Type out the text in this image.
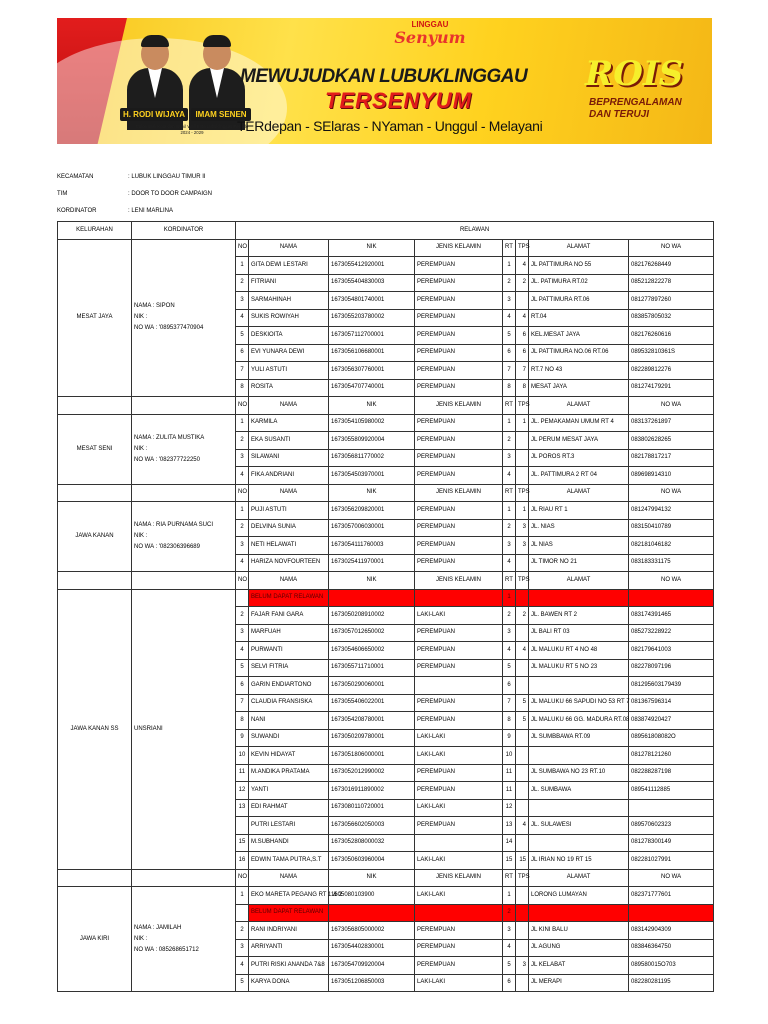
H. RODI WIJAYA	IMAM SENEN
Calon Wali Kota dan Wakil Wali Kota Lubuklinggau Periode 2024 - 2029
LINGGAU
Senyum
MEWUJUDKAN LUBUKLINGGAU
TERSENYUM
TERdepan - SElaras - NYaman - Unggul - Melayani
ROIS
BEPRENGALAMAN
DAN TERUJI
KECAMATAN	: LUBUK LINGGAU TIMUR II
TIM	: DOOR TO DOOR CAMPAIGN
KORDINATOR	: LENI MARLINA
KELURAHAN	KORDINATOR	RELAWAN							
MESAT JAYA	NAMA : SIPON
NIK :
NO WA : '0895377470904	NO	NAMA	NIK	JENIS KELAMIN	RT	TPS	ALAMAT	NO WA
		1	GITA DEWI LESTARI	1673055412920001	PEREMPUAN	1	4	JL PATTIMURA NO 55	082176268449
		2	FITRIANI	1673055404830003	PEREMPUAN	2	2	JL. PATIMURA RT.02	085212822278
		3	SARMAHINAH	1673054801740001	PEREMPUAN	3		JL PATTIMURA RT.06	081277897260
		4	SUKIS ROWIYAH	1673055203780002	PEREMPUAN	4	4	RT.04	083857805032
		5	DESKIOITA	1673057112700001	PEREMPUAN	5	6	KEL.MESAT JAYA	082176260616
		6	EVI YUNARA DEWI	1673056106680001	PEREMPUAN	6	6	JL PATTIMURA NO.06 RT.06	089532810361S
		7	YULI ASTUTI	1673056307760001	PEREMPUAN	7	7	RT.7 NO 43	082289812276
		8	ROSITA	1673054707740001	PEREMPUAN	8	8	MESAT JAYA	081274179291
		NO	NAMA	NIK	JENIS KELAMIN	RT	TPS	ALAMAT	NO WA
MESAT SENI	NAMA : ZULITA MUSTIKA
NIK :
NO WA : '082377722250	1	KARMILA	1673054105980002	PEREMPUAN	1	1	JL. PEMAKAMAN UMUM RT 4	083137261897
		2	EKA SUSANTI	1673055809920004	PEREMPUAN	2		JL PERUM MESAT JAYA	083802628265
		3	SILAWANI	1673056811770002	PEREMPUAN	3		JL POROS RT.3	082178817217
		4	FIKA ANDRIANI	1673054503970001	PEREMPUAN	4		JL. PATTIMURA 2 RT 04	089698914310
		NO	NAMA	NIK	JENIS KELAMIN	RT	TPS	ALAMAT	NO WA
JAWA KANAN	NAMA : RIA PURNAMA SUCI
NIK :
NO WA : '082306396689	1	PUJI ASTUTI	1673056209820001	PEREMPUAN	1	1	JL RIAU RT 1	081247994132
		2	DELVINA SUNIA	1673057006030001	PEREMPUAN	2	3	JL. NIAS	083150410789
		3	NETI HELAWATI	1673054111760003	PEREMPUAN	3	3	JL NIAS	082181046182
		4	HARIZA NOVFOURTEEN	1673025411970001	PEREMPUAN	4		JL TIMOR NO 21	083183331175
		NO	NAMA	NIK	JENIS KELAMIN	RT	TPS	ALAMAT	NO WA
JAWA KANAN SS	UNSRIANI		BELUM DAPAT RELAWAN			1			
		2	FAJAR FANI GARA	1673050208910002	LAKI-LAKI	2	2	JL. BAWEN RT 2	083174391465
		3	MARFUAH	1673057012650002	PEREMPUAN	3		JL BALI RT 03	085273228922
		4	PURWANTI	1673054606650002	PEREMPUAN	4	4	JL MALUKU RT 4 NO 48	082179641003
		5	SELVI FITRIA	1673055711710001	PEREMPUAN	5		JL MALUKU RT 5 NO 23	082278097196
		6	GARIN ENDIARTONO	1673050290060001		6			081295603179439
		7	CLAUDIA FRANSISKA	1673055406022001	PEREMPUAN	7	5	JL MALUKU 66 SAPUDI NO 53 RT 7	081367596314
		8	NANI	1673054208780001	PEREMPUAN	8	5	JL MALUKU 66 GG. MADURA RT.08	083874920427
		9	SUWANDI	1673050209780001	LAKI-LAKI	9		JL SUMBBAWA RT.09	089561808082O
		10	KEVIN HIDAYAT	1673051806000001	LAKI-LAKI	10			081278121260
		11	M.ANDIKA PRATAMA	1673052012990002	PEREMPUAN	11		JL SUMBAWA NO 23 RT.10	082288287198
		12	YANTI	1673016911890002	PEREMPUAN	11		JL. SUMBAWA	089541112885
		13	EDI RAHMAT	1673080110720001	LAKI-LAKI	12			
			PUTRI LESTARI	1673056602050003	PEREMPUAN	13	4	JL. SULAWESI	089570602323
		15	M.SUBHANDI	1673052808000032		14			081278300149
		16	EDWIN TAMA PUTRA,S.T	1673050603960004	LAKI-LAKI	15	15	JL IRIAN NO 19 RT 15	082281027991
		NO	NAMA	NIK	JENIS KELAMIN	RT	TPS	ALAMAT	NO WA
JAWA KIRI	NAMA : JAMILAH
NIK :
NO WA : 085268651712	1	EKO MARETA PEGANG RT 1 & 2	1605080103900	LAKI-LAKI	1		LORONG LUMAYAN	082371777601
			BELUM DAPAT RELAWAN			2			
		2	RANI INDRIYANI	1673056805000002	PEREMPUAN	3		JL KINI BALU	083142904309
		3	ARRIYANTI	1673054402830001	PEREMPUAN	4		JL AGUNG	083846364750
		4	PUTRI RISKI ANANDA 7&8	1673054709920004	PEREMPUAN	5	3	JL KELABAT	089580015O703
		5	KARYA DONA	1673051206850003	LAKI-LAKI	6		JL MERAPI	082280281195
